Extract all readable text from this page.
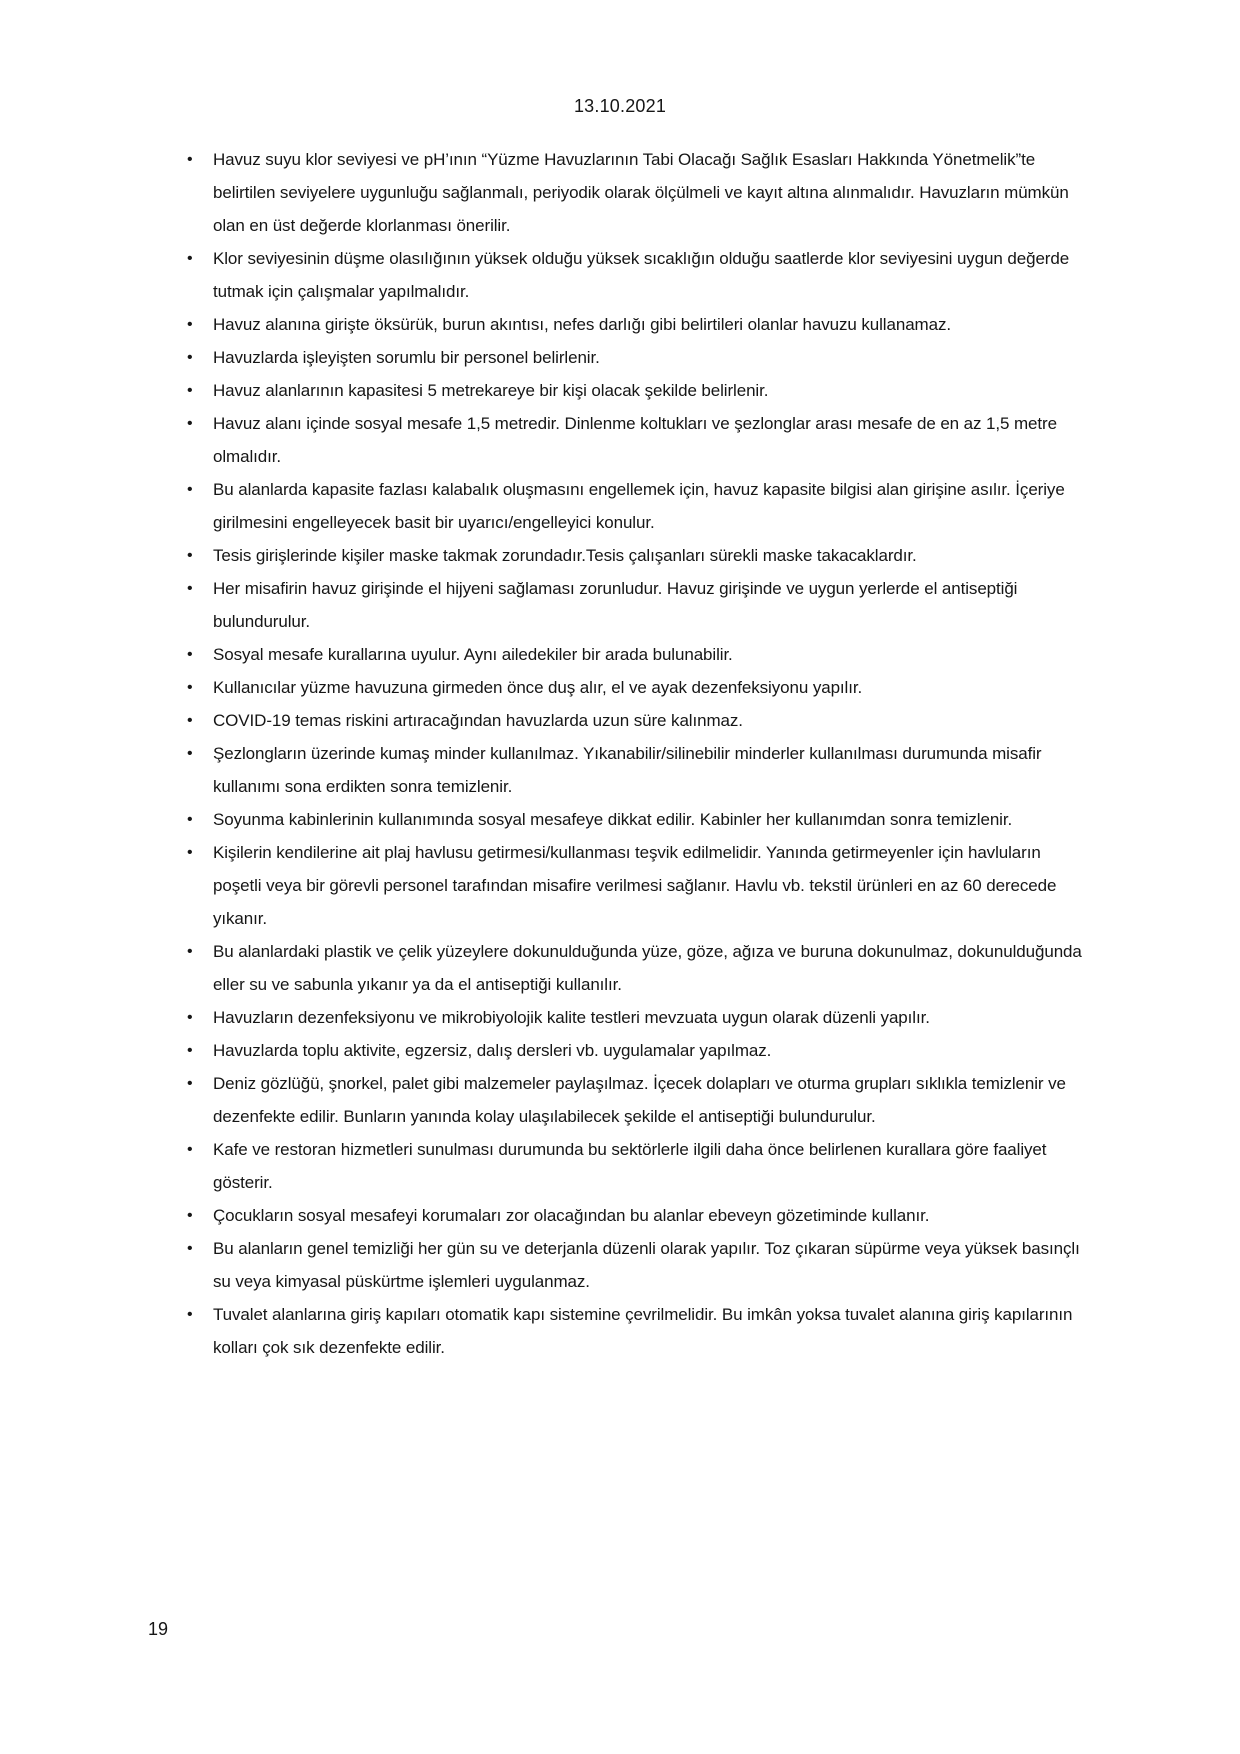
13.10.2021
•	Havuz suyu klor seviyesi ve pH’ının “Yüzme Havuzlarının Tabi Olacağı Sağlık Esasları Hakkında Yönetmelik”te belirtilen seviyelere uygunluğu sağlanmalı, periyodik olarak ölçülmeli ve kayıt altına alınmalıdır. Havuzların mümkün olan en üst değerde klorlanması önerilir.
•	Klor seviyesinin düşme olasılığının yüksek olduğu yüksek sıcaklığın olduğu saatlerde klor seviyesini uygun değerde tutmak için çalışmalar yapılmalıdır.
•	Havuz alanına girişte öksürük, burun akıntısı, nefes darlığı gibi belirtileri olanlar havuzu kullanamaz.
•	Havuzlarda işleyişten sorumlu bir personel belirlenir.
•	Havuz alanlarının kapasitesi 5 metrekareye bir kişi olacak şekilde belirlenir.
•	Havuz alanı içinde sosyal mesafe 1,5 metredir. Dinlenme koltukları ve şezlonglar arası mesafe de en az 1,5 metre olmalıdır.
•	Bu alanlarda kapasite fazlası kalabalık oluşmasını engellemek için, havuz kapasite bilgisi alan girişine asılır. İçeriye girilmesini engelleyecek basit bir uyarıcı/engelleyici konulur.
•	Tesis girişlerinde kişiler maske takmak zorundadır.Tesis çalışanları sürekli maske takacaklardır.
•	Her misafirin havuz girişinde el hijyeni sağlaması zorunludur. Havuz girişinde ve uygun yerlerde el antiseptiği bulundurulur.
•	Sosyal mesafe kurallarına uyulur. Aynı ailedekiler bir arada bulunabilir.
•	Kullanıcılar yüzme havuzuna girmeden önce duş alır, el ve ayak dezenfeksiyonu yapılır.
•	COVID-19 temas riskini artıracağından havuzlarda uzun süre kalınmaz.
•	Şezlongların üzerinde kumaş minder kullanılmaz. Yıkanabilir/silinebilir minderler kullanılması durumunda misafir kullanımı sona erdikten sonra temizlenir.
•	Soyunma kabinlerinin kullanımında sosyal mesafeye dikkat edilir. Kabinler her kullanımdan sonra temizlenir.
•	Kişilerin kendilerine ait plaj havlusu getirmesi/kullanması teşvik edilmelidir. Yanında getirmeyenler için havluların poşetli veya bir görevli personel tarafından misafire verilmesi sağlanır. Havlu vb. tekstil ürünleri en az 60 derecede yıkanır.
•	Bu alanlardaki plastik ve çelik yüzeylere dokunulduğunda yüze, göze, ağıza ve buruna dokunulmaz, dokunulduğunda eller su ve sabunla yıkanır ya da el antiseptiği kullanılır.
•	Havuzların dezenfeksiyonu ve mikrobiyolojik kalite testleri mevzuata uygun olarak düzenli yapılır.
•	Havuzlarda toplu aktivite, egzersiz, dalış dersleri vb. uygulamalar yapılmaz.
•	Deniz gözlüğü, şnorkel, palet gibi malzemeler paylaşılmaz. İçecek dolapları ve oturma grupları sıklıkla temizlenir ve dezenfekte edilir. Bunların yanında kolay ulaşılabilecek şekilde el antiseptiği bulundurulur.
•	Kafe ve restoran hizmetleri sunulması durumunda bu sektörlerle ilgili daha önce belirlenen kurallara göre faaliyet gösterir.
•	Çocukların sosyal mesafeyi korumaları zor olacağından bu alanlar ebeveyn gözetiminde kullanır.
•	Bu alanların genel temizliği her gün su ve deterjanla düzenli olarak yapılır. Toz çıkaran süpürme veya yüksek basınçlı su veya kimyasal püskürtme işlemleri uygulanmaz.
•	Tuvalet alanlarına giriş kapıları otomatik kapı sistemine çevrilmelidir. Bu imkân yoksa tuvalet alanına giriş kapılarının kolları çok sık dezenfekte edilir.
19
